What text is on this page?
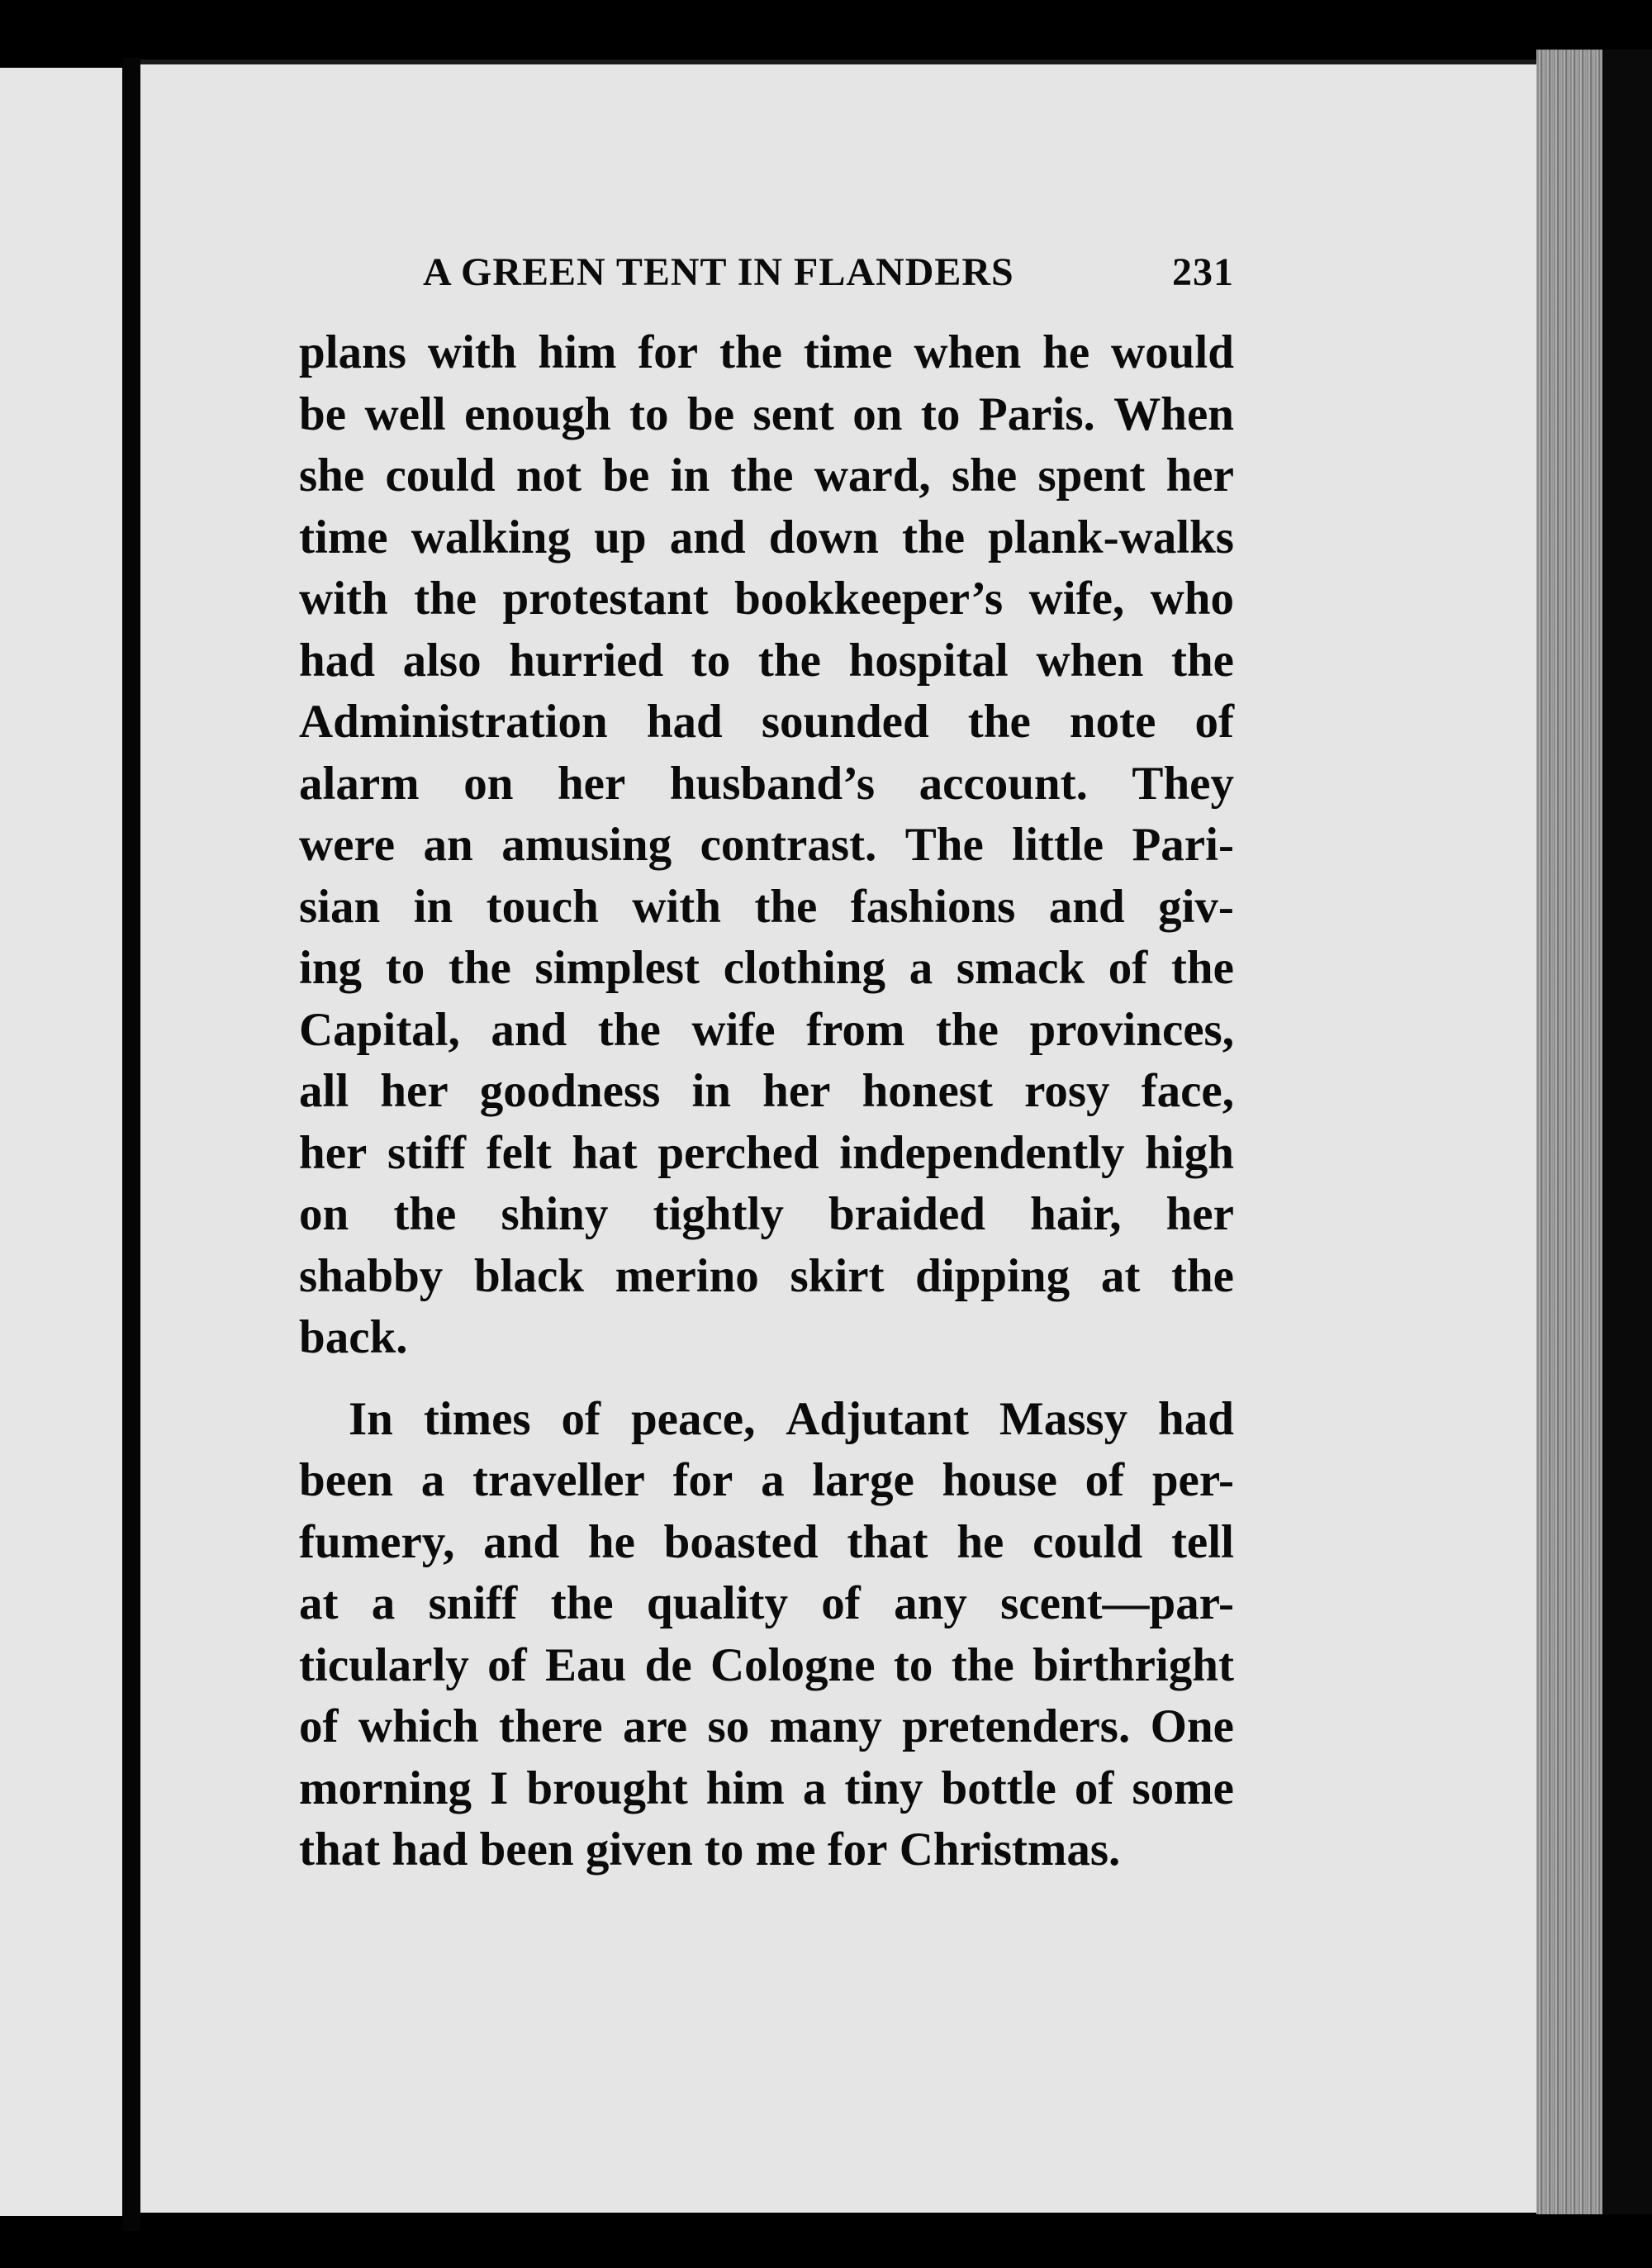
A GREEN TENT IN FLANDERS	231
plans with him for the time when he would
be well enough to be sent on to Paris. When
she could not be in the ward, she spent her
time walking up and down the plank-walks
with the protestant bookkeeper’s wife, who
had also hurried to the hospital when the
Administration had sounded the note of
alarm on her husband’s account. They
were an amusing contrast. The little Pari-
sian in touch with the fashions and giv-
ing to the simplest clothing a smack of the
Capital, and the wife from the provinces,
all her goodness in her honest rosy face,
her stiff felt hat perched independently high
on the shiny tightly braided hair, her
shabby black merino skirt dipping at the
back.
In times of peace, Adjutant Massy had
been a traveller for a large house of per-
fumery, and he boasted that he could tell
at a sniff the quality of any scent—par-
ticularly of Eau de Cologne to the birthright
of which there are so many pretenders. One
morning I brought him a tiny bottle of some
that
had
been
given
to
me
for
Christmas.
